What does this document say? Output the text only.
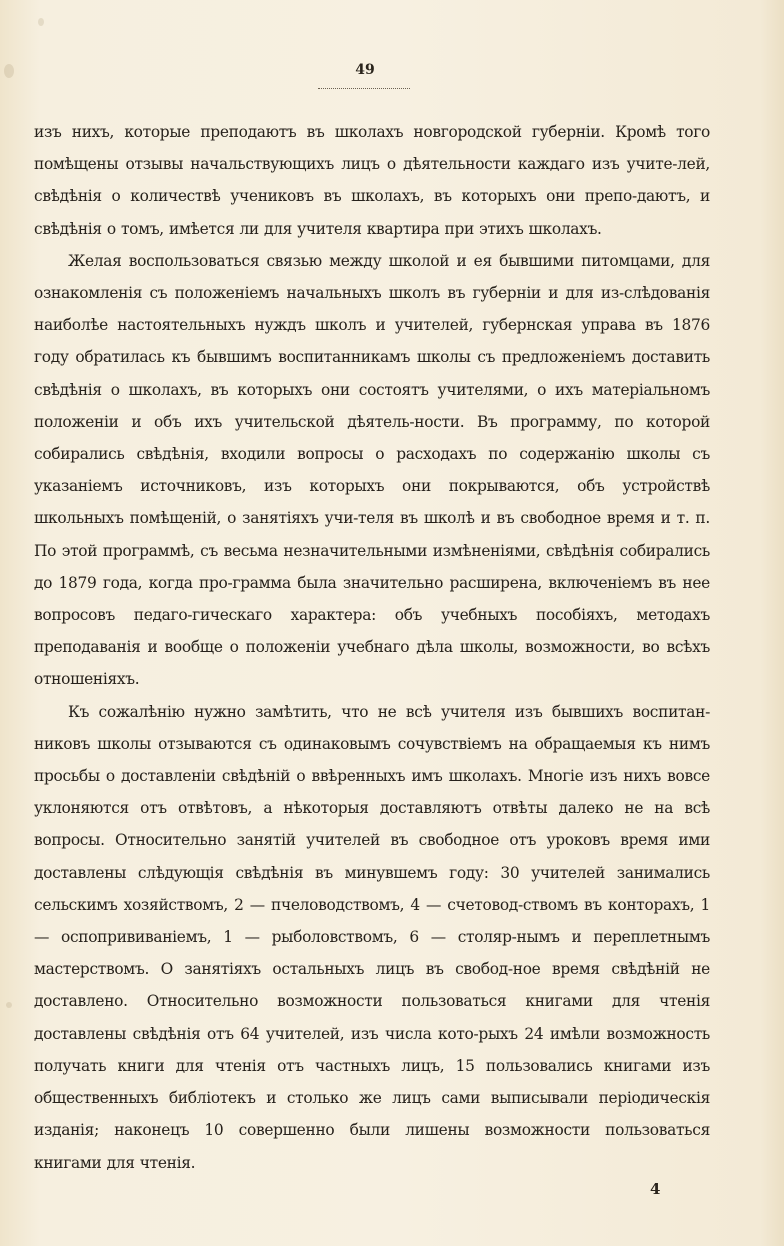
49

изъ нихъ, которые преподаютъ въ школахъ новгородской губерніи. Кромѣ того помѣщены отзывы начальствующихъ лицъ о дѣятельности каждаго изъ учите-лей, свѣдѣнія о количествѣ учениковъ въ школахъ, въ которыхъ они препо-даютъ, и свѣдѣнія о томъ, имѣется ли для учителя квартира при этихъ школахъ.

Желая воспользоваться связью между школой и ея бывшими питомцами, для ознакомленія съ положеніемъ начальныхъ школъ въ губерніи и для из-слѣдованія наиболѣе настоятельныхъ нуждъ школъ и учителей, губернская управа въ 1876 году обратилась къ бывшимъ воспитанникамъ школы съ предложеніемъ доставить свѣдѣнія о школахъ, въ которыхъ они состоятъ учителями, о ихъ матеріальномъ положеніи и объ ихъ учительской дѣятель-ности. Въ программу, по которой собирались свѣдѣнія, входили вопросы о расходахъ по содержанію школы съ указаніемъ источниковъ, изъ которыхъ они покрываются, объ устройствѣ школьныхъ помѣщеній, о занятіяхъ учи-теля въ школѣ и въ свободное время и т. п. По этой программѣ, съ весьма незначительными измѣненіями, свѣдѣнія собирались до 1879 года, когда про-грамма была значительно расширена, включеніемъ въ нее вопросовъ педаго-гическаго характера: объ учебныхъ пособіяхъ, методахъ преподаванія и вообще о положеніи учебнаго дѣла школы, возможности, во всѣхъ отношеніяхъ.

Къ сожалѣнію нужно замѣтить, что не всѣ учителя изъ бывшихъ воспитан-никовъ школы отзываются съ одинаковымъ сочувствіемъ на обращаемыя къ нимъ просьбы о доставленіи свѣдѣній о ввѣренныхъ имъ школахъ. Многіе изъ нихъ вовсе уклоняются отъ отвѣтовъ, а нѣкоторыя доставляютъ отвѣты далеко не на всѣ вопросы. Относительно занятій учителей въ свободное отъ уроковъ время ими доставлены слѣдующія свѣдѣнія въ минувшемъ году: 30 учителей занимались сельскимъ хозяйствомъ, 2 — пчеловодствомъ, 4 — счетовод-ствомъ въ конторахъ, 1 — оспопрививаніемъ, 1 — рыболовствомъ, 6 — столяр-нымъ и переплетнымъ мастерствомъ. О занятіяхъ остальныхъ лицъ въ свобод-ное время свѣдѣній не доставлено. Относительно возможности пользоваться книгами для чтенія доставлены свѣдѣнія отъ 64 учителей, изъ числа кото-рыхъ 24 имѣли возможность получать книги для чтенія отъ частныхъ лицъ, 15 пользовались книгами изъ общественныхъ библіотекъ и столько же лицъ сами выписывали періодическія изданія; наконецъ 10 совершенно были лишены возможности пользоваться книгами для чтенія.

4
